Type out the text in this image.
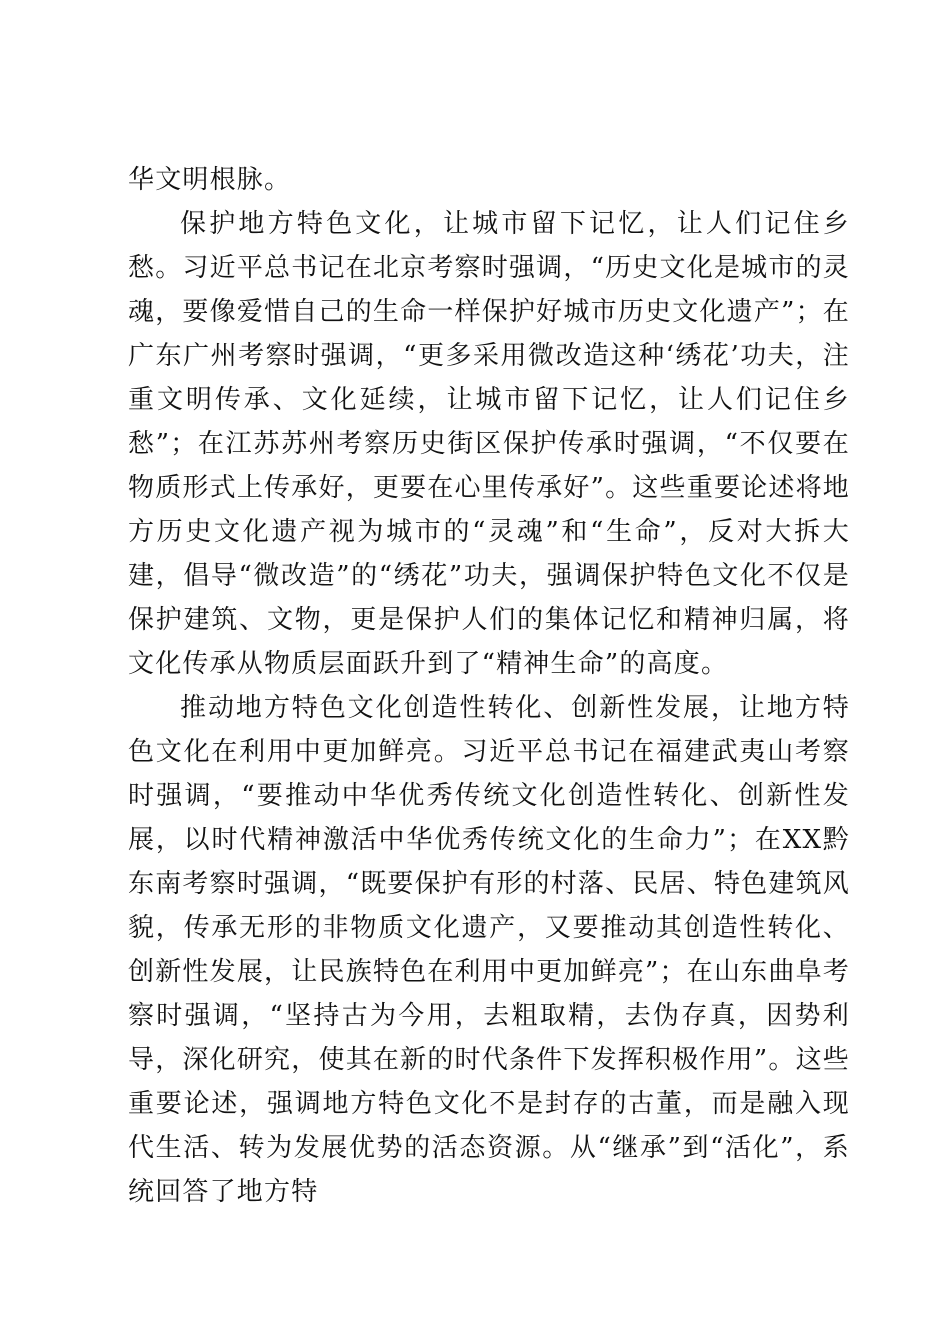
华文明根脉。

保护地方特色文化，让城市留下记忆，让人们记住乡愁。习近平总书记在北京考察时强调，“历史文化是城市的灵魂，要像爱惜自己的生命一样保护好城市历史文化遗产”；在广东广州考察时强调，“更多采用微改造这种‘绣花’功夫，注重文明传承、文化延续，让城市留下记忆，让人们记住乡愁”；在江苏苏州考察历史街区保护传承时强调，“不仅要在物质形式上传承好，更要在心里传承好”。这些重要论述将地方历史文化遗产视为城市的“灵魂”和“生命”，反对大拆大建，倡导“微改造”的“绣花”功夫，强调保护特色文化不仅是保护建筑、文物，更是保护人们的集体记忆和精神归属，将文化传承从物质层面跃升到了“精神生命”的高度。

推动地方特色文化创造性转化、创新性发展，让地方特色文化在利用中更加鲜亮。习近平总书记在福建武夷山考察时强调，“要推动中华优秀传统文化创造性转化、创新性发展，以时代精神激活中华优秀传统文化的生命力”；在XX黔东南考察时强调，“既要保护有形的村落、民居、特色建筑风貌，传承无形的非物质文化遗产，又要推动其创造性转化、创新性发展，让民族特色在利用中更加鲜亮”；在山东曲阜考察时强调，“坚持古为今用，去粗取精，去伪存真，因势利导，深化研究，使其在新的时代条件下发挥积极作用”。这些重要论述，强调地方特色文化不是封存的古董，而是融入现代生活、转为发展优势的活态资源。从“继承”到“活化”，系统回答了地方特
